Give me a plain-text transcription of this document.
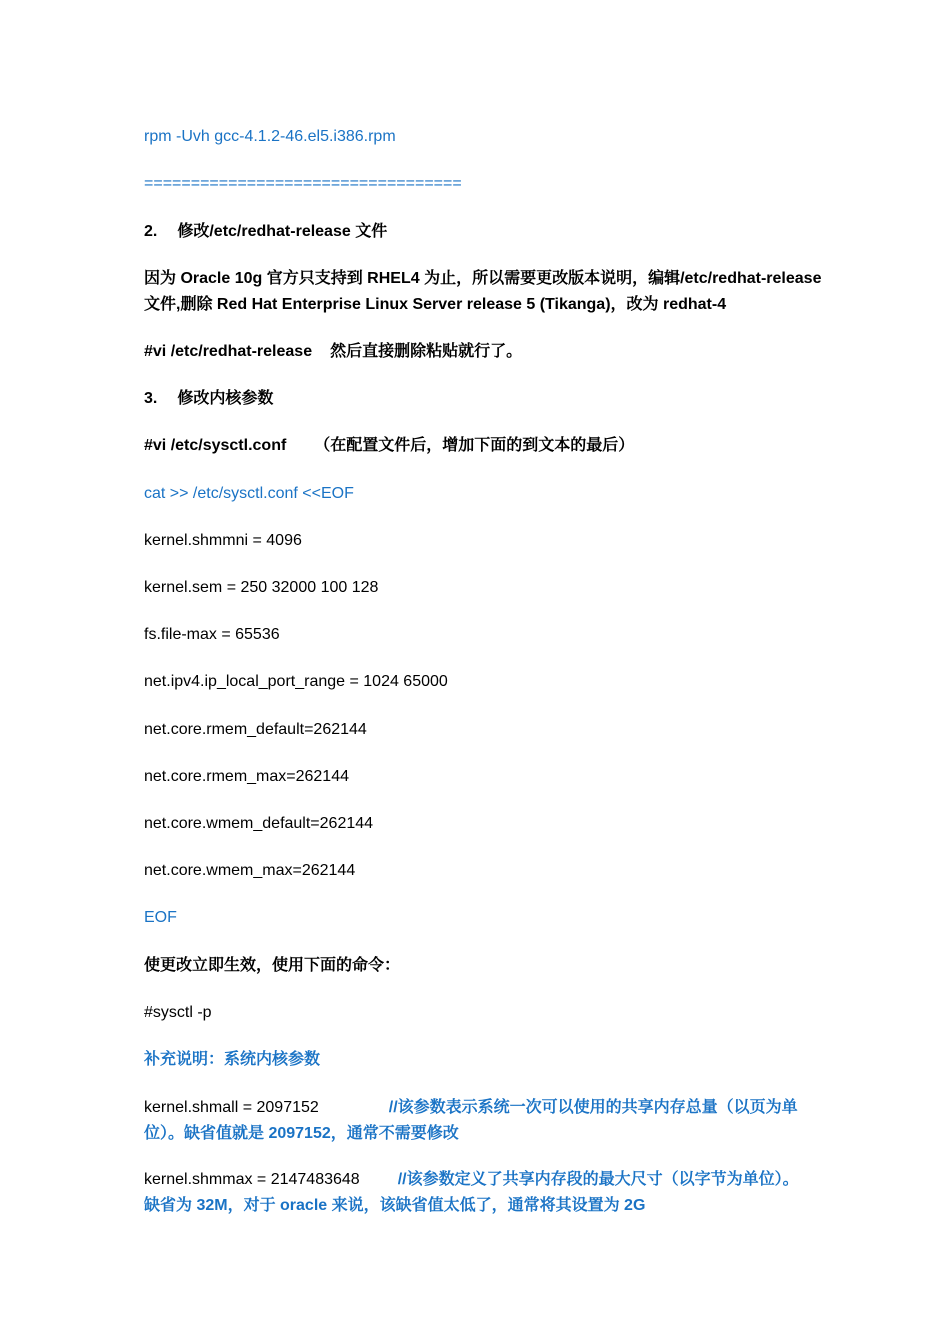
rpm -Uvh gcc-4.1.2-46.el5.i386.rpm
==================================
2. 修改/etc/redhat-release 文件
因为 Oracle 10g 官方只支持到 RHEL4 为止，所以需要更改版本说明，编辑/etc/redhat-release
文件,删除 Red Hat Enterprise Linux Server release 5 (Tikanga)，改为 redhat-4
#vi /etc/redhat-release 然后直接删除粘贴就行了。
3. 修改内核参数
#vi /etc/sysctl.conf （在配置文件后，增加下面的到文本的最后）
cat >> /etc/sysctl.conf <<EOF
kernel.shmmni = 4096
kernel.sem = 250 32000 100 128
fs.file-max = 65536
net.ipv4.ip_local_port_range = 1024 65000
net.core.rmem_default=262144
net.core.rmem_max=262144
net.core.wmem_default=262144
net.core.wmem_max=262144
EOF
使更改立即生效，使用下面的命令：
#sysctl -p
补充说明：系统内核参数
kernel.shmall = 2097152	//该参数表示系统一次可以使用的共享内存总量（以页为单
位）。缺省值就是 2097152，通常不需要修改
kernel.shmmax = 2147483648 //该参数定义了共享内存段的最大尺寸（以字节为单位）。
缺省为 32M，对于 oracle 来说，该缺省值太低了，通常将其设置为 2G
